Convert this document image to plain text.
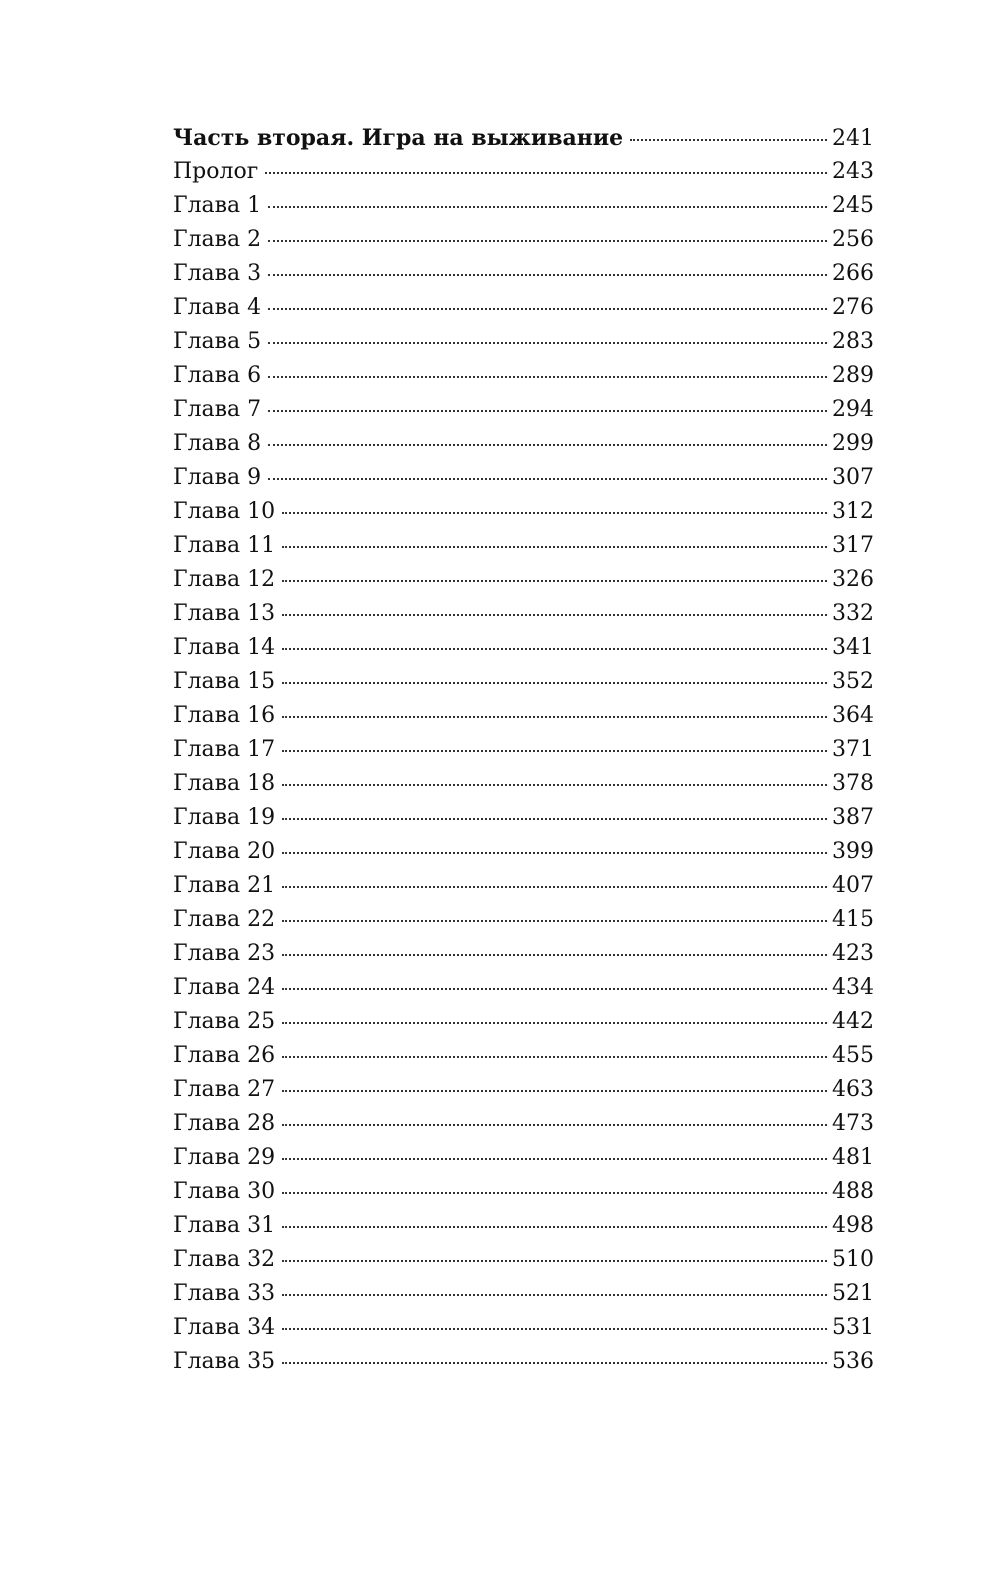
Часть вторая. Игра на выживание	241
Пролог	243
Глава 1	245
Глава 2	256
Глава 3	266
Глава 4	276
Глава 5	283
Глава 6	289
Глава 7	294
Глава 8	299
Глава 9	307
Глава 10	312
Глава 11	317
Глава 12	326
Глава 13	332
Глава 14	341
Глава 15	352
Глава 16	364
Глава 17	371
Глава 18	378
Глава 19	387
Глава 20	399
Глава 21	407
Глава 22	415
Глава 23	423
Глава 24	434
Глава 25	442
Глава 26	455
Глава 27	463
Глава 28	473
Глава 29	481
Глава 30	488
Глава 31	498
Глава 32	510
Глава 33	521
Глава 34	531
Глава 35	536
